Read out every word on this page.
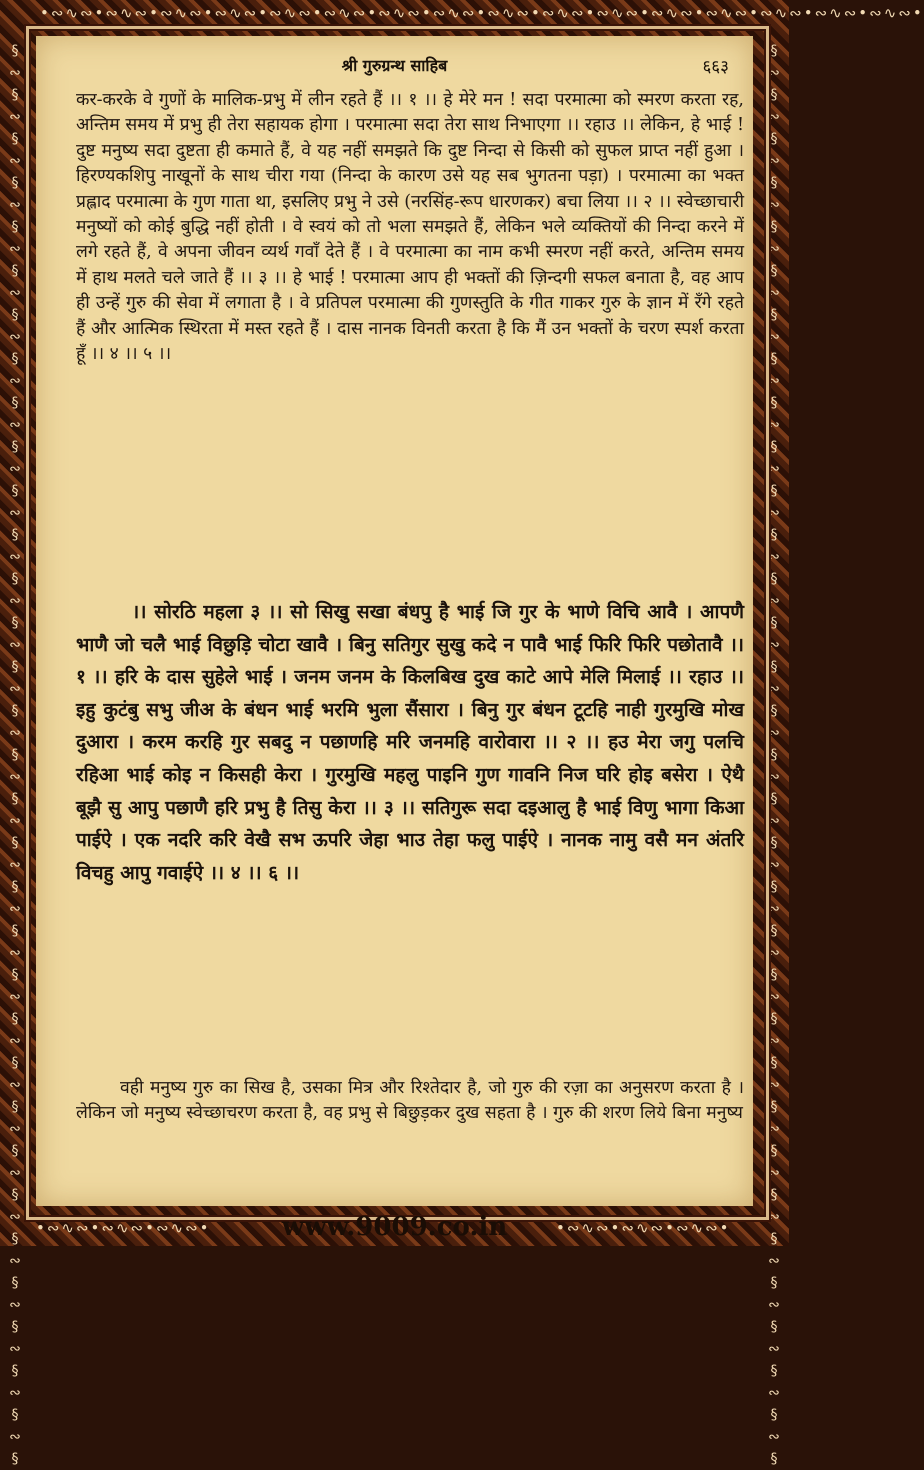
•∾∿∾•∾∿∾•∾∿∾•∾∿∾•∾∿∾•∾∿∾•∾∿∾•∾∿∾•∾∿∾•∾∿∾•∾∿∾•∾∿∾•∾∿∾•∾∿∾•∾∿∾•∾∿∾•
§
∾
§
∾
§
∾
§
∾
§
∾
§
∾
§
∾
§
∾
§
∾
§
∾
§
∾
§
∾
§
∾
§
∾
§
∾
§
∾
§
∾
§
∾
§
∾
§
∾
§
∾
§
∾
§
∾
§
∾
§
∾
§
∾
§
∾
§
∾
§
∾
§
∾
§
∾
§
∾
§
§
∾
§
∾
§
∾
§
∾
§
∾
§
∾
§
∾
§
∾
§
∾
§
∾
§
∾
§
∾
§
∾
§
∾
§
∾
§
∾
§
∾
§
∾
§
∾
§
∾
§
∾
§
∾
§
∾
§
∾
§
∾
§
∾
§
∾
§
∾
§
∾
§
∾
§
∾
§
∾
§
श्री गुरुग्रन्थ साहिब	६६३
कर-करके वे गुणों के मालिक-प्रभु में लीन रहते हैं ।। १ ।। हे मेरे मन ! सदा परमात्मा को स्मरण करता रह, अन्तिम समय में प्रभु ही तेरा सहायक होगा । परमात्मा सदा तेरा साथ निभाएगा ।। रहाउ ।। लेकिन, हे भाई ! दुष्ट मनुष्य सदा दुष्टता ही कमाते हैं, वे यह नहीं समझते कि दुष्ट निन्दा से किसी को सुफल प्राप्त नहीं हुआ । हिरण्यकशिपु नाखूनों के साथ चीरा गया (निन्दा के कारण उसे यह सब भुगतना पड़ा) । परमात्मा का भक्त प्रह्लाद परमात्मा के गुण गाता था, इसलिए प्रभु ने उसे (नरसिंह-रूप धारणकर) बचा लिया ।। २ ।। स्वेच्छाचारी मनुष्यों को कोई बुद्धि नहीं होती । वे स्वयं को तो भला समझते हैं, लेकिन भले व्यक्तियों की निन्दा करने में लगे रहते हैं, वे अपना जीवन व्यर्थ गवाँ देते हैं । वे परमात्मा का नाम कभी स्मरण नहीं करते, अन्तिम समय में हाथ मलते चले जाते हैं ।। ३ ।। हे भाई ! परमात्मा आप ही भक्तों की ज़िन्दगी सफल बनाता है, वह आप ही उन्हें गुरु की सेवा में लगाता है । वे प्रतिपल परमात्मा की गुणस्तुति के गीत गाकर गुरु के ज्ञान में रँगे रहते हैं और आत्मिक स्थिरता में मस्त रहते हैं । दास नानक विनती करता है कि मैं उन भक्तों के चरण स्पर्श करता हूँ ।। ४ ।। ५ ।।
।। सोरठि महला ३ ।। सो सिखु सखा बंधपु है भाई जि गुर के भाणे विचि आवै । आपणै भाणै जो चलै भाई विछुड़ि चोटा खावै । बिनु सतिगुर सुखु कदे न पावै भाई फिरि फिरि पछोतावै ।। १ ।। हरि के दास सुहेले भाई । जनम जनम के किलबिख दुख काटे आपे मेलि मिलाई ।। रहाउ ।। इहु कुटंबु सभु जीअ के बंधन भाई भरमि भुला सैंसारा । बिनु गुर बंधन टूटहि नाही गुरमुखि मोख दुआरा । करम करहि गुर सबदु न पछाणहि मरि जनमहि वारोवारा ।। २ ।। हउ मेरा जगु पलचि रहिआ भाई कोइ न किसही केरा । गुरमुखि महलु पाइनि गुण गावनि निज घरि होइ बसेरा । ऐथै बूझै सु आपु पछाणै हरि प्रभु है तिसु केरा ।। ३ ।। सतिगुरू सदा दइआलु है भाई विणु भागा किआ पाईऐ । एक नदरि करि वेखै सभ ऊपरि जेहा भाउ तेहा फलु पाईऐ । नानक नामु वसै मन अंतरि विचहु आपु गवाईऐ ।। ४ ।। ६ ।।
वही मनुष्य गुरु का सिख है, उसका मित्र और रिश्तेदार है, जो गुरु की रज़ा का अनुसरण करता है । लेकिन जो मनुष्य स्वेच्छाचरण करता है, वह प्रभु से बिछुड़कर दुख सहता है । गुरु की शरण लिये बिना मनुष्य
•∾∿∾•∾∿∾•∾∿∾•	www.9009.co.in	•∾∿∾•∾∿∾•∾∿∾•
